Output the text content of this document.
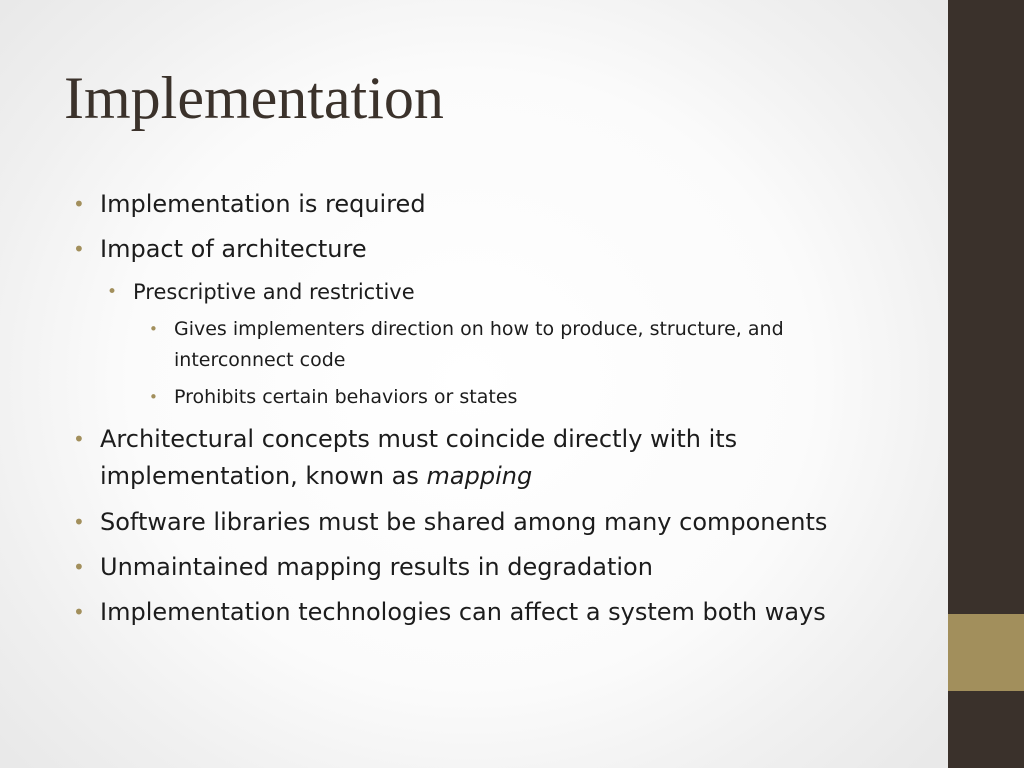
Implementation

• Implementation is required

• Impact of architecture

• Prescriptive and restrictive

• Gives implementers direction on how to produce, structure, and
interconnect code

• Prohibits certain behaviors or states

• Architectural concepts must coincide directly with its
implementation, known as mapping

• Software libraries must be shared among many components

• Unmaintained mapping results in degradation

• Implementation technologies can affect a system both ways
